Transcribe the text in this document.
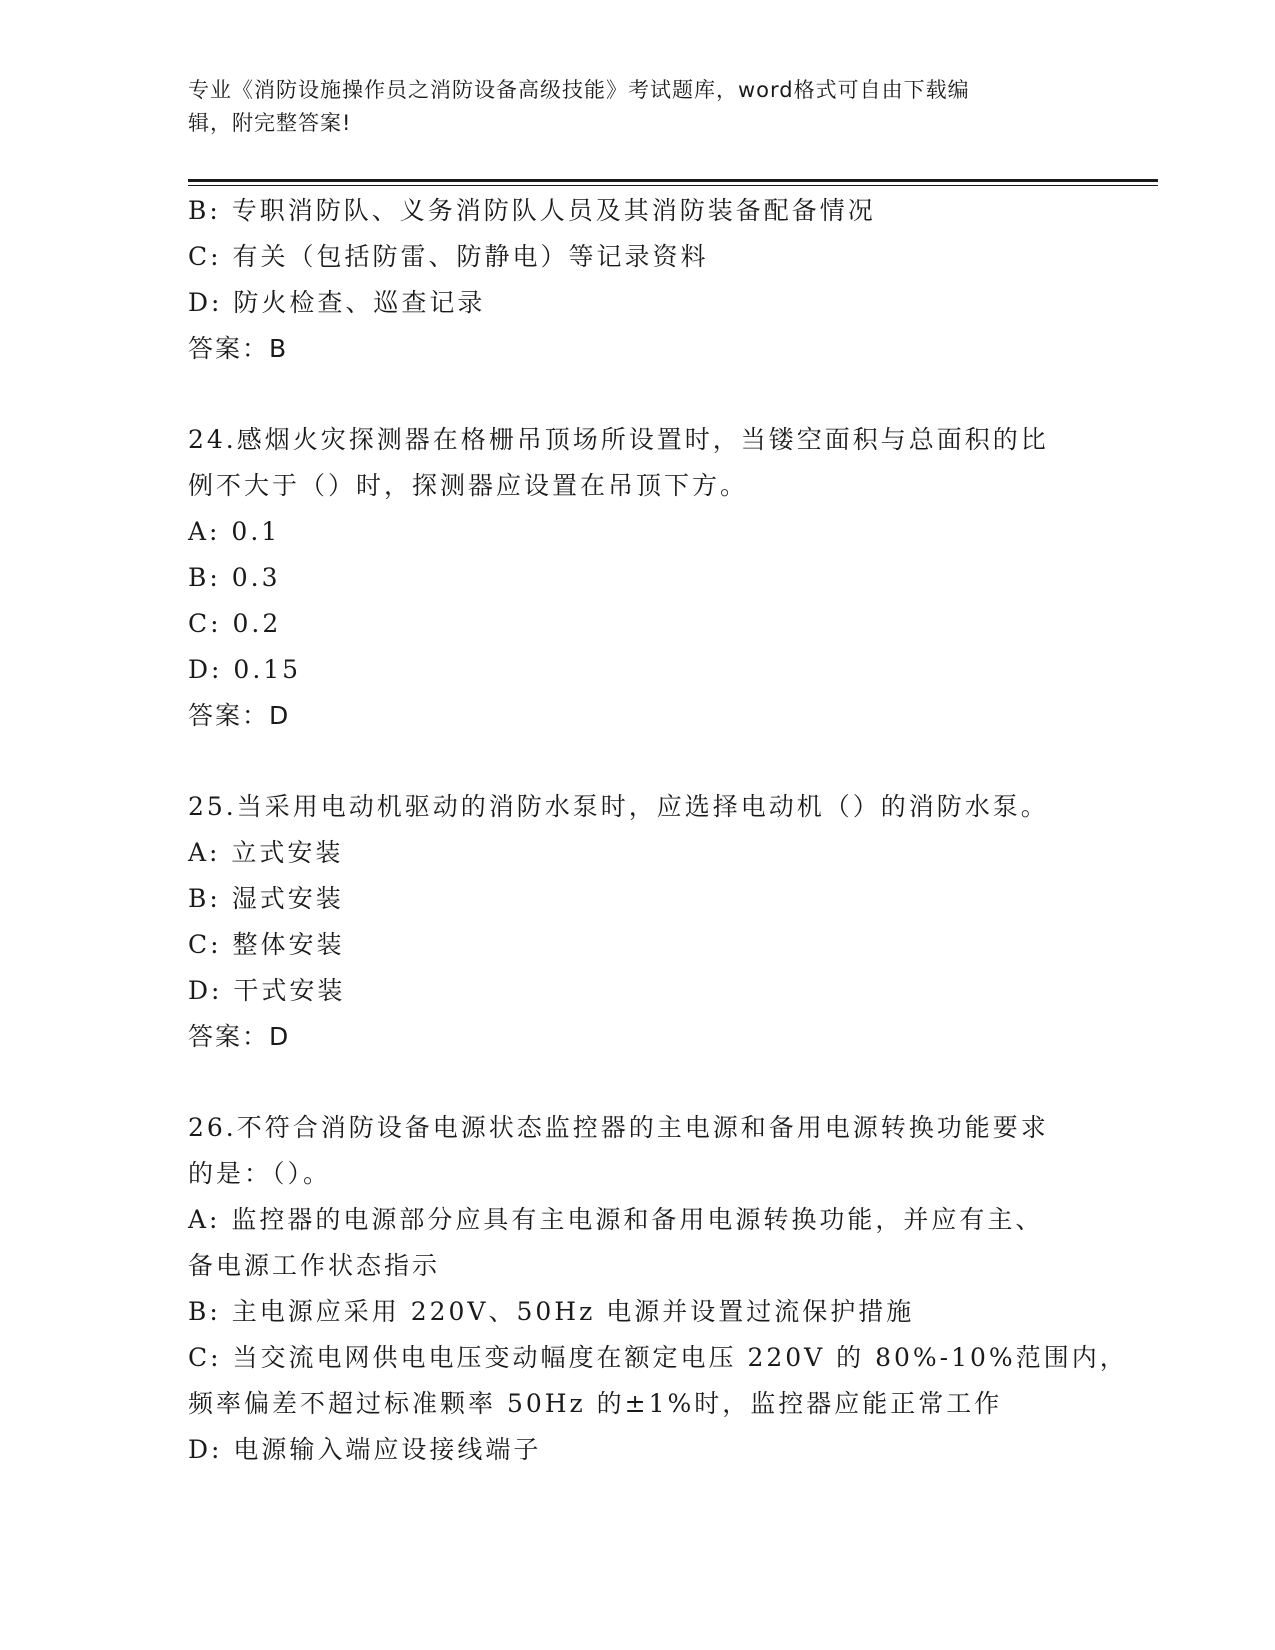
专业《消防设施操作员之消防设备高级技能》考试题库，word格式可自由下载编
辑，附完整答案!
B: 专职消防队、义务消防队人员及其消防装备配备情况
C: 有关（包括防雷、防静电）等记录资料
D: 防火检查、巡查记录
答案：B
24.感烟火灾探测器在格栅吊顶场所设置时，当镂空面积与总面积的比
例不大于（）时，探测器应设置在吊顶下方。
A: 0.1
B: 0.3
C: 0.2
D: 0.15
答案：D
25.当采用电动机驱动的消防水泵时，应选择电动机（）的消防水泵。
A: 立式安装
B: 湿式安装
C: 整体安装
D: 干式安装
答案：D
26.不符合消防设备电源状态监控器的主电源和备用电源转换功能要求
的是：（）。
A: 监控器的电源部分应具有主电源和备用电源转换功能，并应有主、
备电源工作状态指示
B: 主电源应采用 220V、50Hz 电源并设置过流保护措施
C: 当交流电网供电电压变动幅度在额定电压 220V 的 80%-10%范围内，
频率偏差不超过标准颗率 50Hz 的±1%时，监控器应能正常工作
D: 电源输入端应设接线端子
